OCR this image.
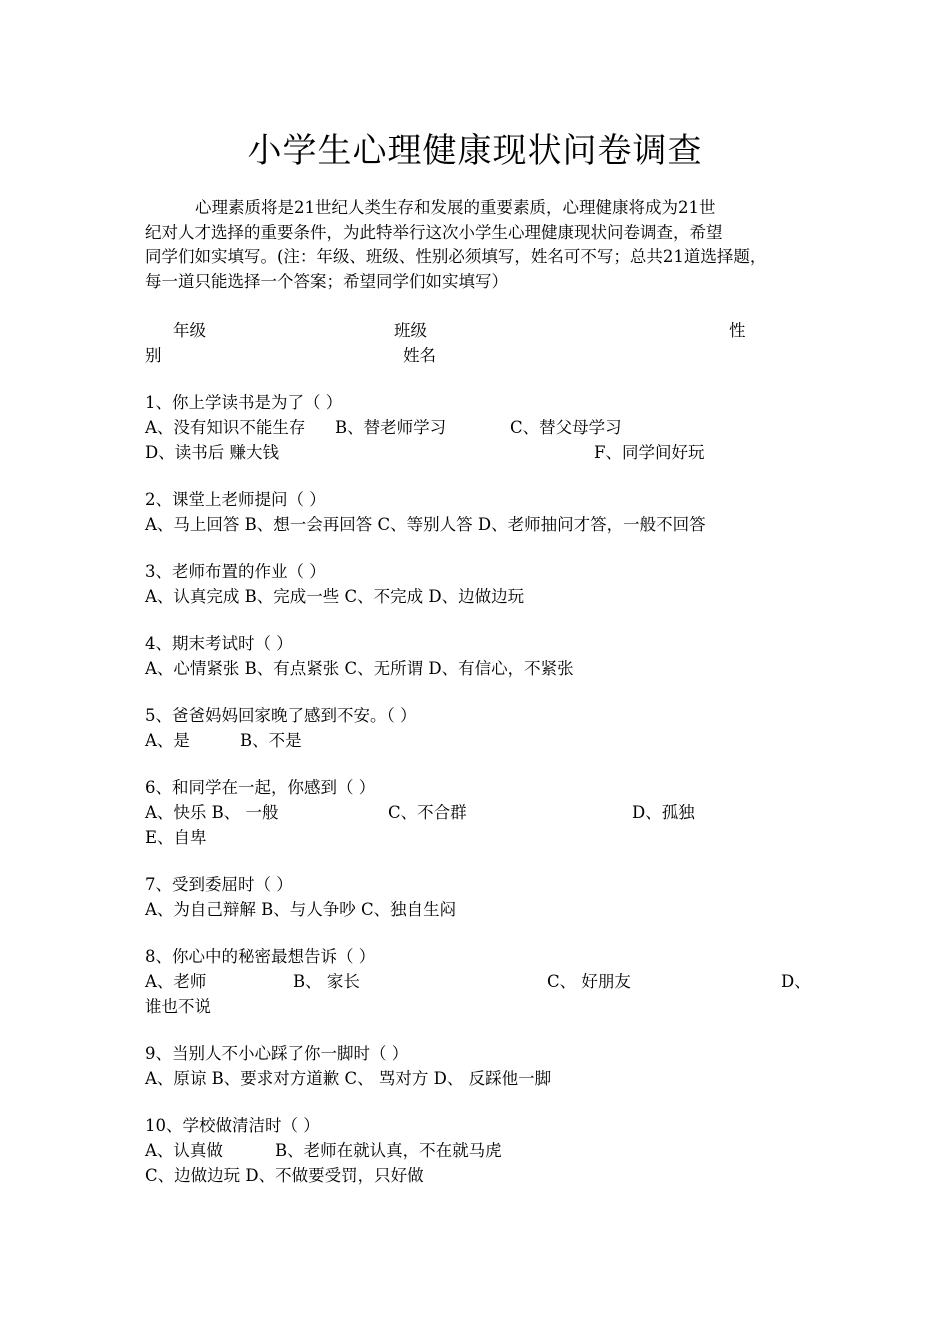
小学生心理健康现状问卷调查
心理素质将是21世纪人类生存和发展的重要素质，心理健康将成为21世
纪对人才选择的重要条件，为此特举行这次小学生心理健康现状问卷调查，希望
同学们如实填写。(注：年级、班级、性别必须填写，姓名可不写；总共21道选择题，
每一道只能选择一个答案；希望同学们如实填写）
年级	班级	性
别	姓名
1、你上学读书是为了（ ）
A、没有知识不能生存 B、替老师学习	C、替父母学习
D、读书后 赚大钱	F、同学间好玩
2、课堂上老师提问（ ）
A、马上回答 B、想一会再回答 C、等别人答 D、老师抽问才答，一般不回答
3、老师布置的作业（ ）
A、认真完成 B、完成一些 C、不完成 D、边做边玩
4、期末考试时（ ）
A、心情紧张 B、有点紧张 C、无所谓 D、有信心，不紧张
5、爸爸妈妈回家晚了感到不安。（ ）
A、是	B、不是
6、和同学在一起，你感到（ ）
A、快乐 B、 一般	C、不合群	D、孤独
E、自卑
7、受到委屈时（ ）
A、为自己辩解 B、与人争吵 C、独自生闷
8、你心中的秘密最想告诉（ ）
A、老师	B、 家长	C、 好朋友	D、
谁也不说
9、当别人不小心踩了你一脚时（ ）
A、原谅 B、要求对方道歉 C、 骂对方 D、 反踩他一脚
10、学校做清洁时（ ）
A、认真做	B、老师在就认真，不在就马虎
C、边做边玩 D、不做要受罚，只好做
